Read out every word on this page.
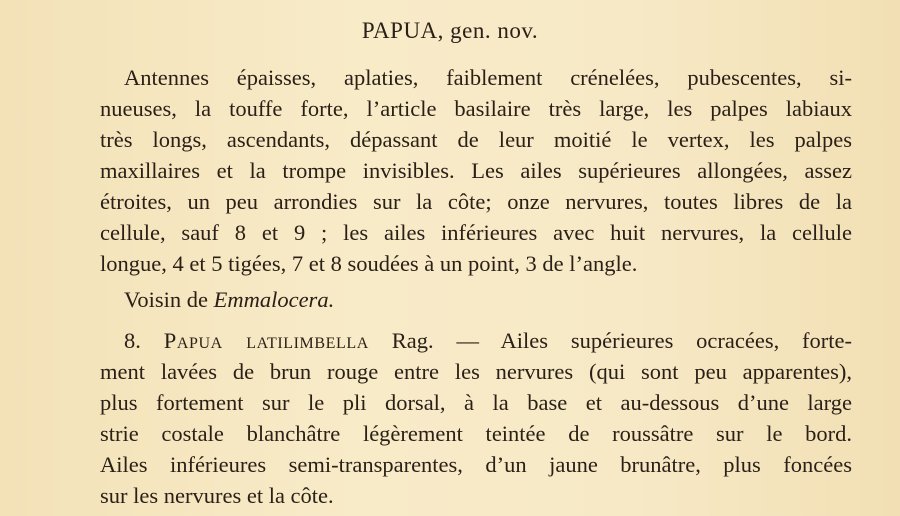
PAPUA, gen. nov.
Antennes épaisses, aplaties, faiblement crénelées, pubescentes, si-
nueuses, la touffe forte, l’article basilaire très large, les palpes labiaux
très longs, ascendants, dépassant de leur moitié le vertex, les palpes
maxillaires et la trompe invisibles. Les ailes supérieures allongées, assez
étroites, un peu arrondies sur la côte; onze nervures, toutes libres de la
cellule, sauf 8 et 9 ; les ailes inférieures avec huit nervures, la cellule
longue, 4 et 5 tigées, 7 et 8 soudées à un point, 3 de l’angle.
Voisin de Emmalocera.
8. Papua latilimbella Rag. — Ailes supérieures ocracées, forte-
ment lavées de brun rouge entre les nervures (qui sont peu apparentes),
plus fortement sur le pli dorsal, à la base et au-dessous d’une large
strie costale blanchâtre légèrement teintée de roussâtre sur le bord.
Ailes inférieures semi-transparentes, d’un jaune brunâtre, plus foncées
sur les nervures et la côte.
